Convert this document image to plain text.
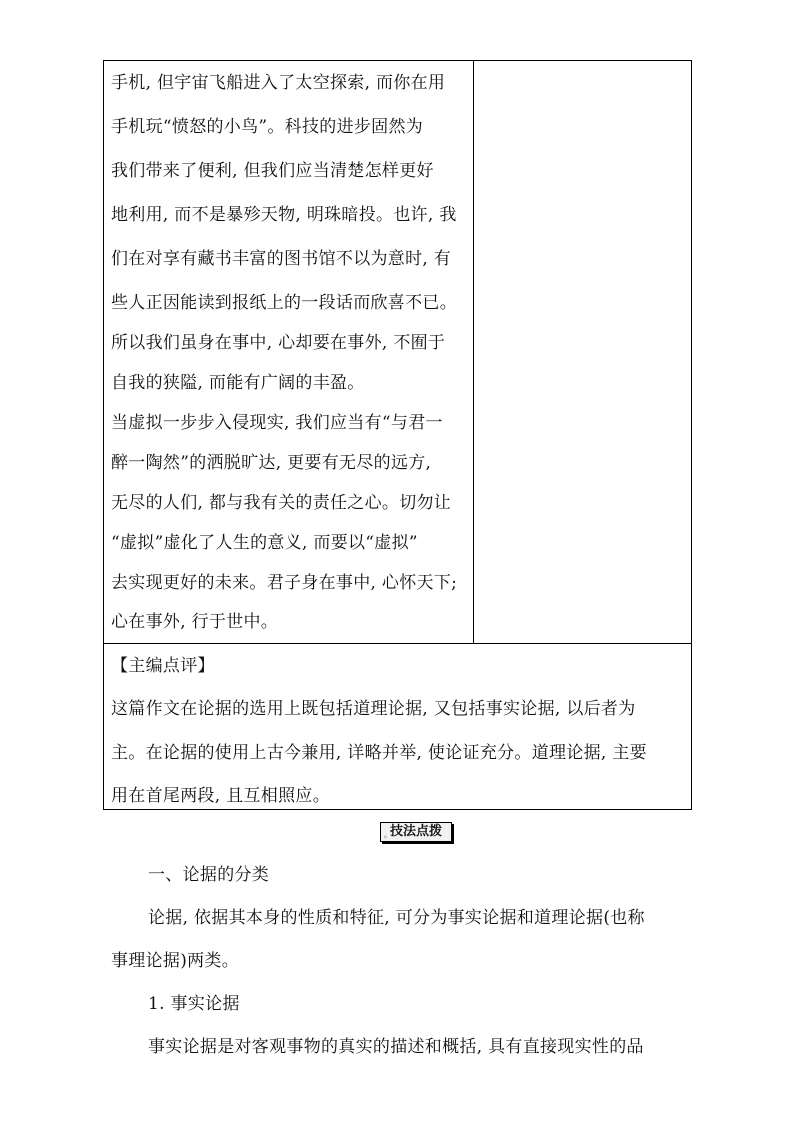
手机, 但宇宙飞船进入了太空探索, 而你在用
手机玩“愤怒的小鸟”。科技的进步固然为
我们带来了便利, 但我们应当清楚怎样更好
地利用, 而不是暴殄天物, 明珠暗投。也许, 我
们在对享有藏书丰富的图书馆不以为意时, 有
些人正因能读到报纸上的一段话而欣喜不已。
所以我们虽身在事中, 心却要在事外, 不囿于
自我的狭隘, 而能有广阔的丰盈。
当虚拟一步步入侵现实, 我们应当有“与君一
醉一陶然”的洒脱旷达, 更要有无尽的远方,
无尽的人们, 都与我有关的责任之心。切勿让
“虚拟”虚化了人生的意义, 而要以“虚拟”
去实现更好的未来。君子身在事中, 心怀天下;
心在事外, 行于世中。
【主编点评】
这篇作文在论据的选用上既包括道理论据, 又包括事实论据, 以后者为
主。在论据的使用上古今兼用, 详略并举, 使论证充分。道理论据, 主要
用在首尾两段, 且互相照应。
◦ 技法点拨
一、论据的分类
论据, 依据其本身的性质和特征, 可分为事实论据和道理论据(也称
事理论据)两类。
1. 事实论据
事实论据是对客观事物的真实的描述和概括, 具有直接现实性的品
